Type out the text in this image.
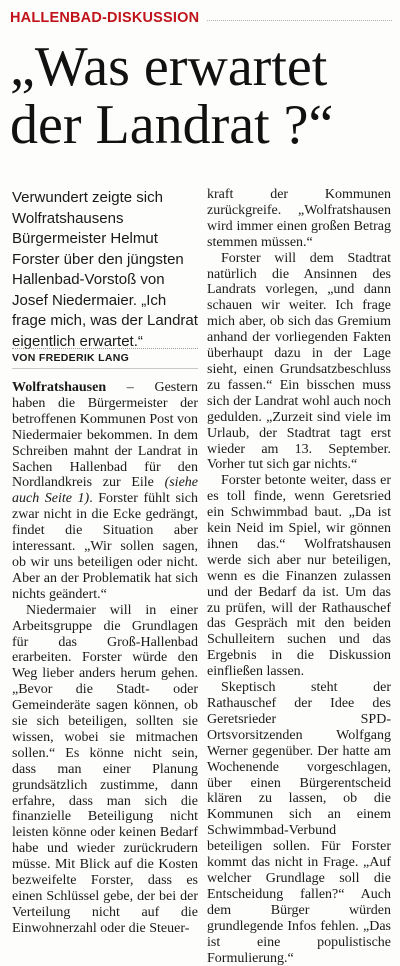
HALLENBAD-DISKUSSION
„Was erwartet
der Landrat ?“

Verwundert zeigte sich Wolfratshausens Bürgermeister Helmut Forster über den jüngsten Hallenbad-Vorstoß von Josef Niedermaier. „Ich frage mich, was der Landrat eigentlich erwartet.“

VON FREDERIK LANG

Wolfratshausen – Gestern haben die Bürgermeister der betroffenen Kommunen Post von Niedermaier bekommen. In dem Schreiben mahnt der Landrat in Sachen Hallenbad für den Nordlandkreis zur Eile (siehe auch Seite 1). Forster fühlt sich zwar nicht in die Ecke gedrängt, findet die Situation aber interessant. „Wir sollen sagen, ob wir uns beteiligen oder nicht. Aber an der Problematik hat sich nichts geändert.“

Niedermaier will in einer Arbeitsgruppe die Grundlagen für das Groß-Hallenbad erarbeiten. Forster würde den Weg lieber anders herum gehen. „Bevor die Stadt- oder Gemeinderäte sagen können, ob sie sich beteiligen, sollten sie wissen, wobei sie mitmachen sollen.“ Es könne nicht sein, dass man einer Planung grundsätzlich zustimme, dann erfahre, dass man sich die finanzielle Beteiligung nicht leisten könne oder keinen Bedarf habe und wieder zurückrudern müsse. Mit Blick auf die Kosten bezweifelte Forster, dass es einen Schlüssel gebe, der bei der Verteilung nicht auf die Einwohnerzahl oder die Steuer-

kraft der Kommunen zurückgreife. „Wolfratshausen wird immer einen großen Betrag stemmen müssen.“

Forster will dem Stadtrat natürlich die Ansinnen des Landrats vorlegen, „und dann schauen wir weiter. Ich frage mich aber, ob sich das Gremium anhand der vorliegenden Fakten überhaupt dazu in der Lage sieht, einen Grundsatzbeschluss zu fassen.“ Ein bisschen muss sich der Landrat wohl auch noch gedulden. „Zurzeit sind viele im Urlaub, der Stadtrat tagt erst wieder am 13. September. Vorher tut sich gar nichts.“

Forster betonte weiter, dass er es toll finde, wenn Geretsried ein Schwimmbad baut. „Da ist kein Neid im Spiel, wir gönnen ihnen das.“ Wolfratshausen werde sich aber nur beteiligen, wenn es die Finanzen zulassen und der Bedarf da ist. Um das zu prüfen, will der Rathauschef das Gespräch mit den beiden Schulleitern suchen und das Ergebnis in die Diskussion einfließen lassen.

Skeptisch steht der Rathauschef der Idee des Geretsrieder SPD-Ortsvorsitzenden Wolfgang Werner gegenüber. Der hatte am Wochenende vorgeschlagen, über einen Bürgerentscheid klären zu lassen, ob die Kommunen sich an einem Schwimmbad-Verbund beteiligen sollen. Für Forster kommt das nicht in Frage. „Auf welcher Grundlage soll die Entscheidung fallen?“ Auch dem Bürger würden grundlegende Infos fehlen. „Das ist eine populistische Formulierung.“
